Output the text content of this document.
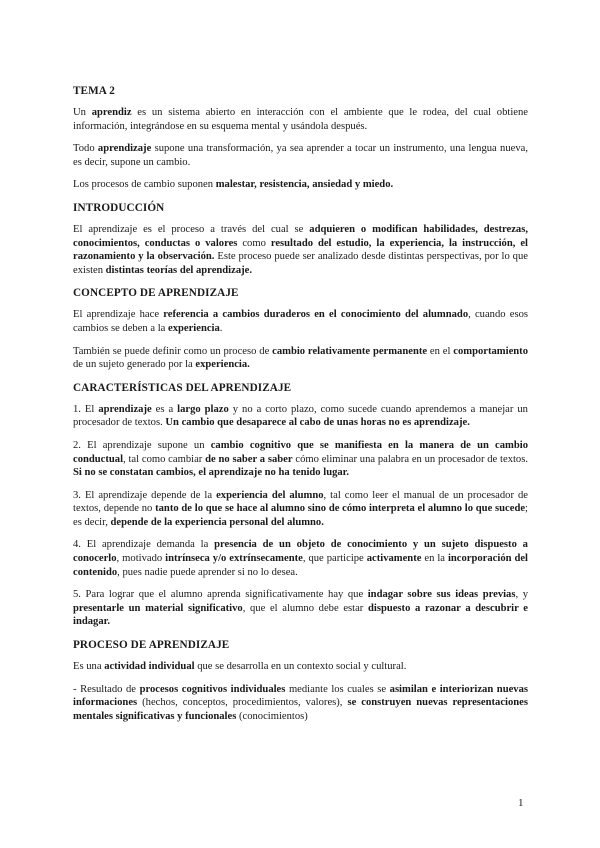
TEMA 2

Un aprendiz es un sistema abierto en interacción con el ambiente que le rodea, del cual obtiene información, integrándose en su esquema mental y usándola después.

Todo aprendizaje supone una transformación, ya sea aprender a tocar un instrumento, una lengua nueva, es decir, supone un cambio.

Los procesos de cambio suponen malestar, resistencia, ansiedad y miedo.

INTRODUCCIÓN

El aprendizaje es el proceso a través del cual se adquieren o modifican habilidades, destrezas, conocimientos, conductas o valores como resultado del estudio, la experiencia, la instrucción, el razonamiento y la observación. Este proceso puede ser analizado desde distintas perspectivas, por lo que existen distintas teorías del aprendizaje.

CONCEPTO DE APRENDIZAJE

El aprendizaje hace referencia a cambios duraderos en el conocimiento del alumnado, cuando esos cambios se deben a la experiencia.

También se puede definir como un proceso de cambio relativamente permanente en el comportamiento de un sujeto generado por la experiencia.

CARACTERÍSTICAS DEL APRENDIZAJE

1. El aprendizaje es a largo plazo y no a corto plazo, como sucede cuando aprendemos a manejar un procesador de textos. Un cambio que desaparece al cabo de unas horas no es aprendizaje.

2. El aprendizaje supone un cambio cognitivo que se manifiesta en la manera de un cambio conductual, tal como cambiar de no saber a saber cómo eliminar una palabra en un procesador de textos. Si no se constatan cambios, el aprendizaje no ha tenido lugar.

3. El aprendizaje depende de la experiencia del alumno, tal como leer el manual de un procesador de textos, depende no tanto de lo que se hace al alumno sino de cómo interpreta el alumno lo que sucede; es decir, depende de la experiencia personal del alumno.

4. El aprendizaje demanda la presencia de un objeto de conocimiento y un sujeto dispuesto a conocerlo, motivado intrínseca y/o extrínsecamente, que participe activamente en la incorporación del contenido, pues nadie puede aprender si no lo desea.

5. Para lograr que el alumno aprenda significativamente hay que indagar sobre sus ideas previas, y presentarle un material significativo, que el alumno debe estar dispuesto a razonar a descubrir e indagar.

PROCESO DE APRENDIZAJE

Es una actividad individual que se desarrolla en un contexto social y cultural.

- Resultado de procesos cognitivos individuales mediante los cuales se asimilan e interiorizan nuevas informaciones (hechos, conceptos, procedimientos, valores), se construyen nuevas representaciones mentales significativas y funcionales (conocimientos)

1
